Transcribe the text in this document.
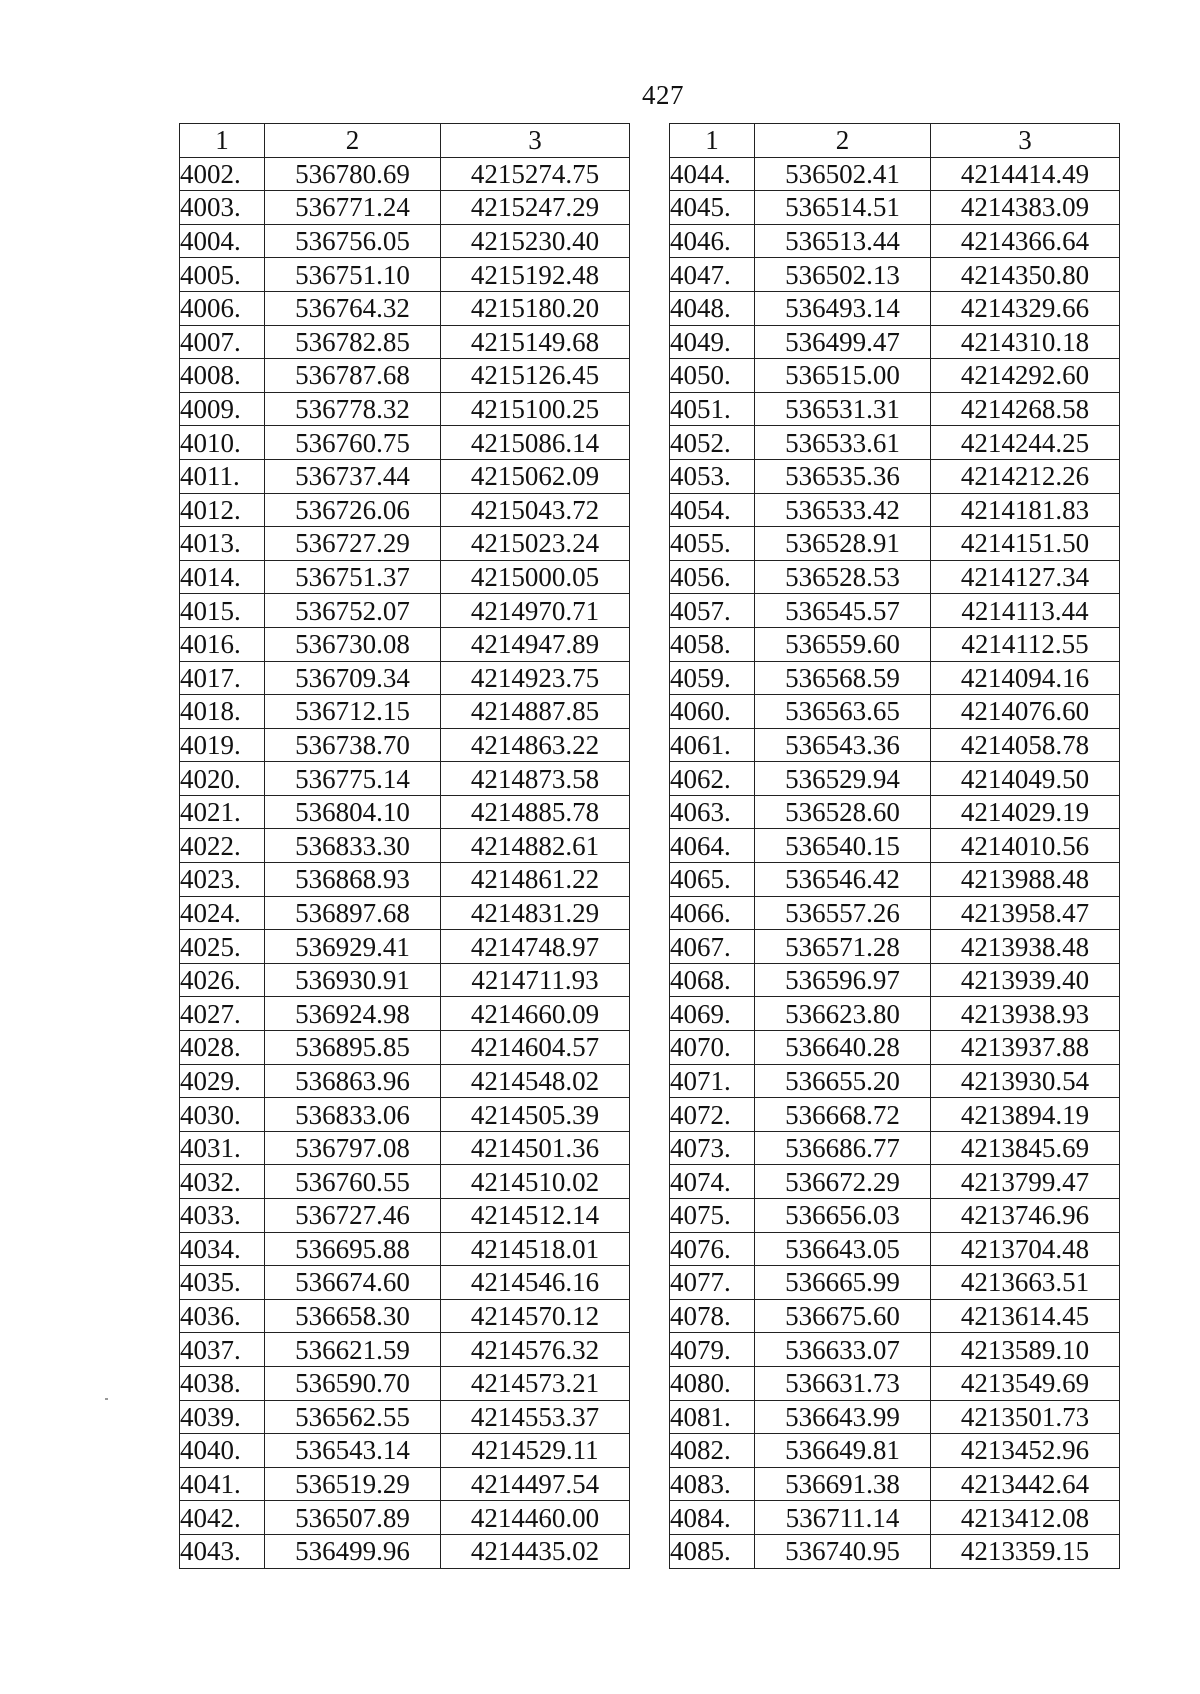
427
1	2	3
4002.	536780.69	4215274.75
4003.	536771.24	4215247.29
4004.	536756.05	4215230.40
4005.	536751.10	4215192.48
4006.	536764.32	4215180.20
4007.	536782.85	4215149.68
4008.	536787.68	4215126.45
4009.	536778.32	4215100.25
4010.	536760.75	4215086.14
4011.	536737.44	4215062.09
4012.	536726.06	4215043.72
4013.	536727.29	4215023.24
4014.	536751.37	4215000.05
4015.	536752.07	4214970.71
4016.	536730.08	4214947.89
4017.	536709.34	4214923.75
4018.	536712.15	4214887.85
4019.	536738.70	4214863.22
4020.	536775.14	4214873.58
4021.	536804.10	4214885.78
4022.	536833.30	4214882.61
4023.	536868.93	4214861.22
4024.	536897.68	4214831.29
4025.	536929.41	4214748.97
4026.	536930.91	4214711.93
4027.	536924.98	4214660.09
4028.	536895.85	4214604.57
4029.	536863.96	4214548.02
4030.	536833.06	4214505.39
4031.	536797.08	4214501.36
4032.	536760.55	4214510.02
4033.	536727.46	4214512.14
4034.	536695.88	4214518.01
4035.	536674.60	4214546.16
4036.	536658.30	4214570.12
4037.	536621.59	4214576.32
4038.	536590.70	4214573.21
4039.	536562.55	4214553.37
4040.	536543.14	4214529.11
4041.	536519.29	4214497.54
4042.	536507.89	4214460.00
4043.	536499.96	4214435.02
1	2	3
4044.	536502.41	4214414.49
4045.	536514.51	4214383.09
4046.	536513.44	4214366.64
4047.	536502.13	4214350.80
4048.	536493.14	4214329.66
4049.	536499.47	4214310.18
4050.	536515.00	4214292.60
4051.	536531.31	4214268.58
4052.	536533.61	4214244.25
4053.	536535.36	4214212.26
4054.	536533.42	4214181.83
4055.	536528.91	4214151.50
4056.	536528.53	4214127.34
4057.	536545.57	4214113.44
4058.	536559.60	4214112.55
4059.	536568.59	4214094.16
4060.	536563.65	4214076.60
4061.	536543.36	4214058.78
4062.	536529.94	4214049.50
4063.	536528.60	4214029.19
4064.	536540.15	4214010.56
4065.	536546.42	4213988.48
4066.	536557.26	4213958.47
4067.	536571.28	4213938.48
4068.	536596.97	4213939.40
4069.	536623.80	4213938.93
4070.	536640.28	4213937.88
4071.	536655.20	4213930.54
4072.	536668.72	4213894.19
4073.	536686.77	4213845.69
4074.	536672.29	4213799.47
4075.	536656.03	4213746.96
4076.	536643.05	4213704.48
4077.	536665.99	4213663.51
4078.	536675.60	4213614.45
4079.	536633.07	4213589.10
4080.	536631.73	4213549.69
4081.	536643.99	4213501.73
4082.	536649.81	4213452.96
4083.	536691.38	4213442.64
4084.	536711.14	4213412.08
4085.	536740.95	4213359.15
